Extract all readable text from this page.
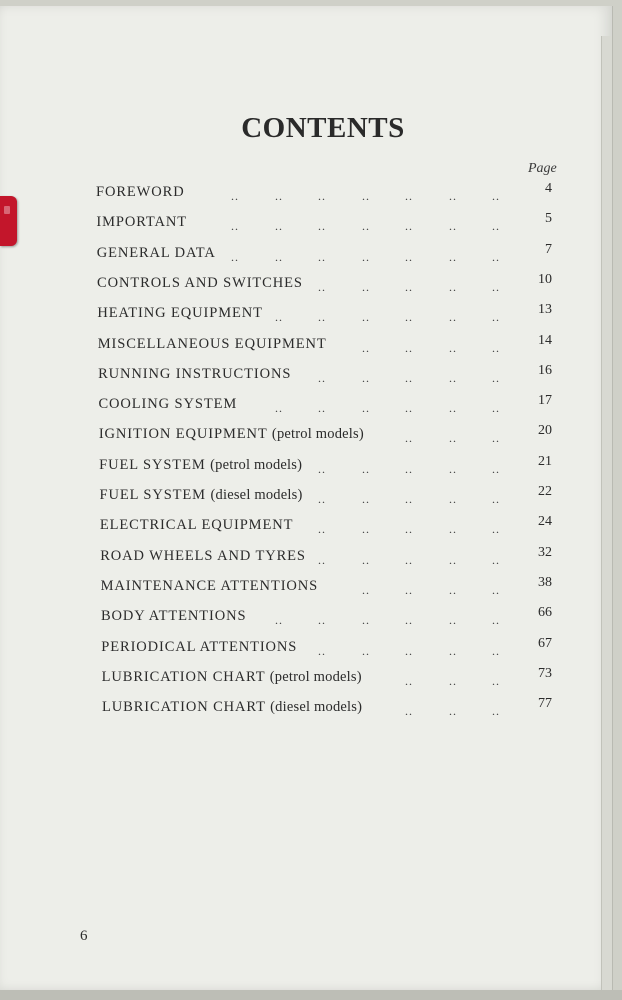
CONTENTS
Page
FOREWORD	4
..	..	..	..	..	..	..
IMPORTANT	5
..	..	..	..	..	..	..
GENERAL DATA	7
..	..	..	..	..	..	..
CONTROLS AND SWITCHES	10
..	..	..	..	..
HEATING EQUIPMENT	13
..	..	..	..	..	..
MISCELLANEOUS EQUIPMENT	14
..	..	..	..
RUNNING INSTRUCTIONS	16
..	..	..	..	..
COOLING SYSTEM	17
..	..	..	..	..	..
IGNITION EQUIPMENT (petrol models)	20
..	..	..
FUEL SYSTEM (petrol models)	21
..	..	..	..	..
FUEL SYSTEM (diesel models)	22
..	..	..	..	..
ELECTRICAL EQUIPMENT	24
..	..	..	..	..
ROAD WHEELS AND TYRES	32
..	..	..	..	..
MAINTENANCE ATTENTIONS	38
..	..	..	..
BODY ATTENTIONS	66
..	..	..	..	..	..
PERIODICAL ATTENTIONS	67
..	..	..	..	..
LUBRICATION CHART (petrol models)	73
..	..	..
LUBRICATION CHART (diesel models)	77
..	..	..
6
